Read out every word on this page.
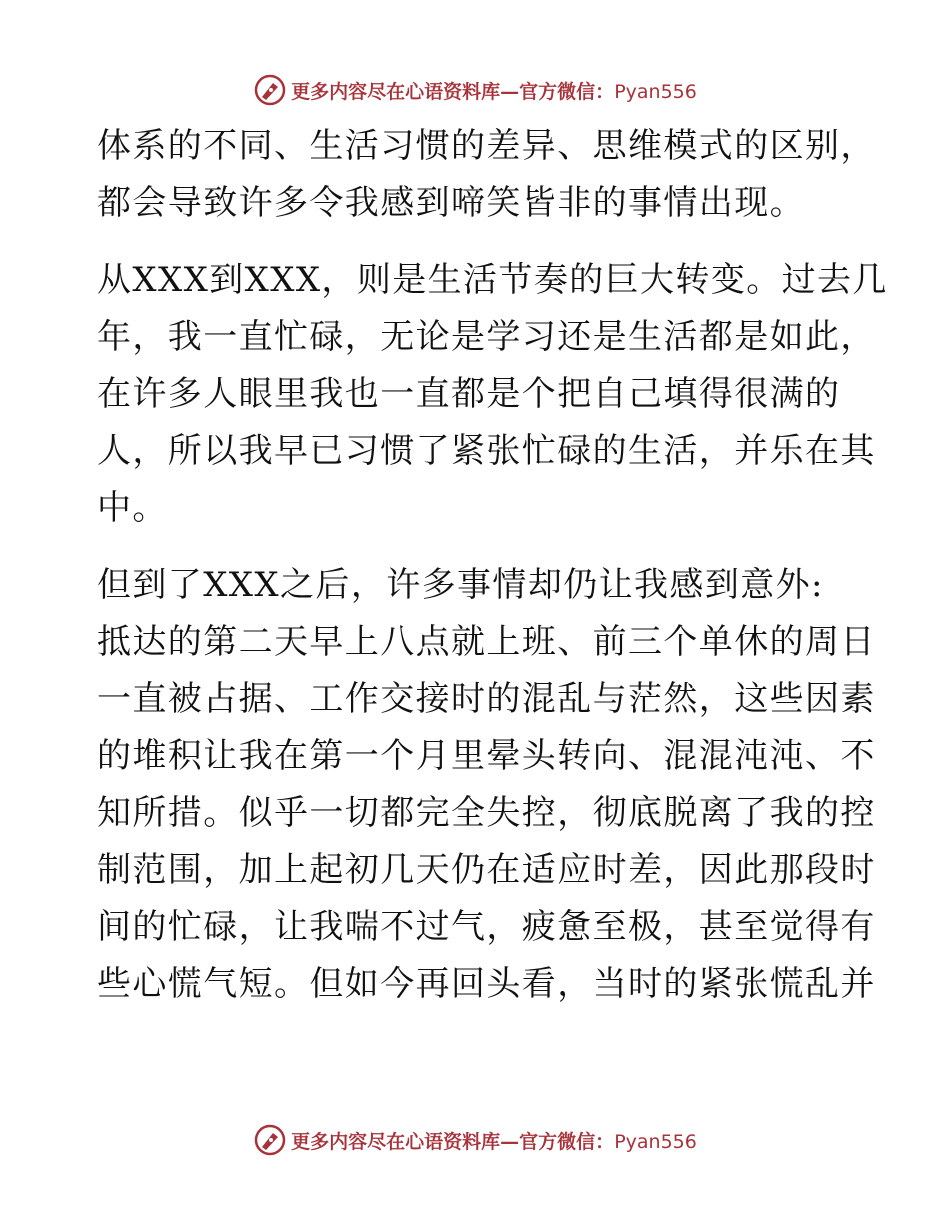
更多内容尽在心语资料库—官方微信：Pyan556
体系的不同、生活习惯的差异、思维模式的区别，
都会导致许多令我感到啼笑皆非的事情出现。
从XXX到XXX，则是生活节奏的巨大转变。过去几
年，我一直忙碌，无论是学习还是生活都是如此，
在许多人眼里我也一直都是个把自己填得很满的
人，所以我早已习惯了紧张忙碌的生活，并乐在其
中。
但到了XXX之后，许多事情却仍让我感到意外:
抵达的第二天早上八点就上班、前三个单休的周日
一直被占据、工作交接时的混乱与茫然，这些因素
的堆积让我在第一个月里晕头转向、混混沌沌、不
知所措。似乎一切都完全失控，彻底脱离了我的控
制范围，加上起初几天仍在适应时差，因此那段时
间的忙碌，让我喘不过气，疲惫至极，甚至觉得有
些心慌气短。但如今再回头看，当时的紧张慌乱并
更多内容尽在心语资料库—官方微信：Pyan556
